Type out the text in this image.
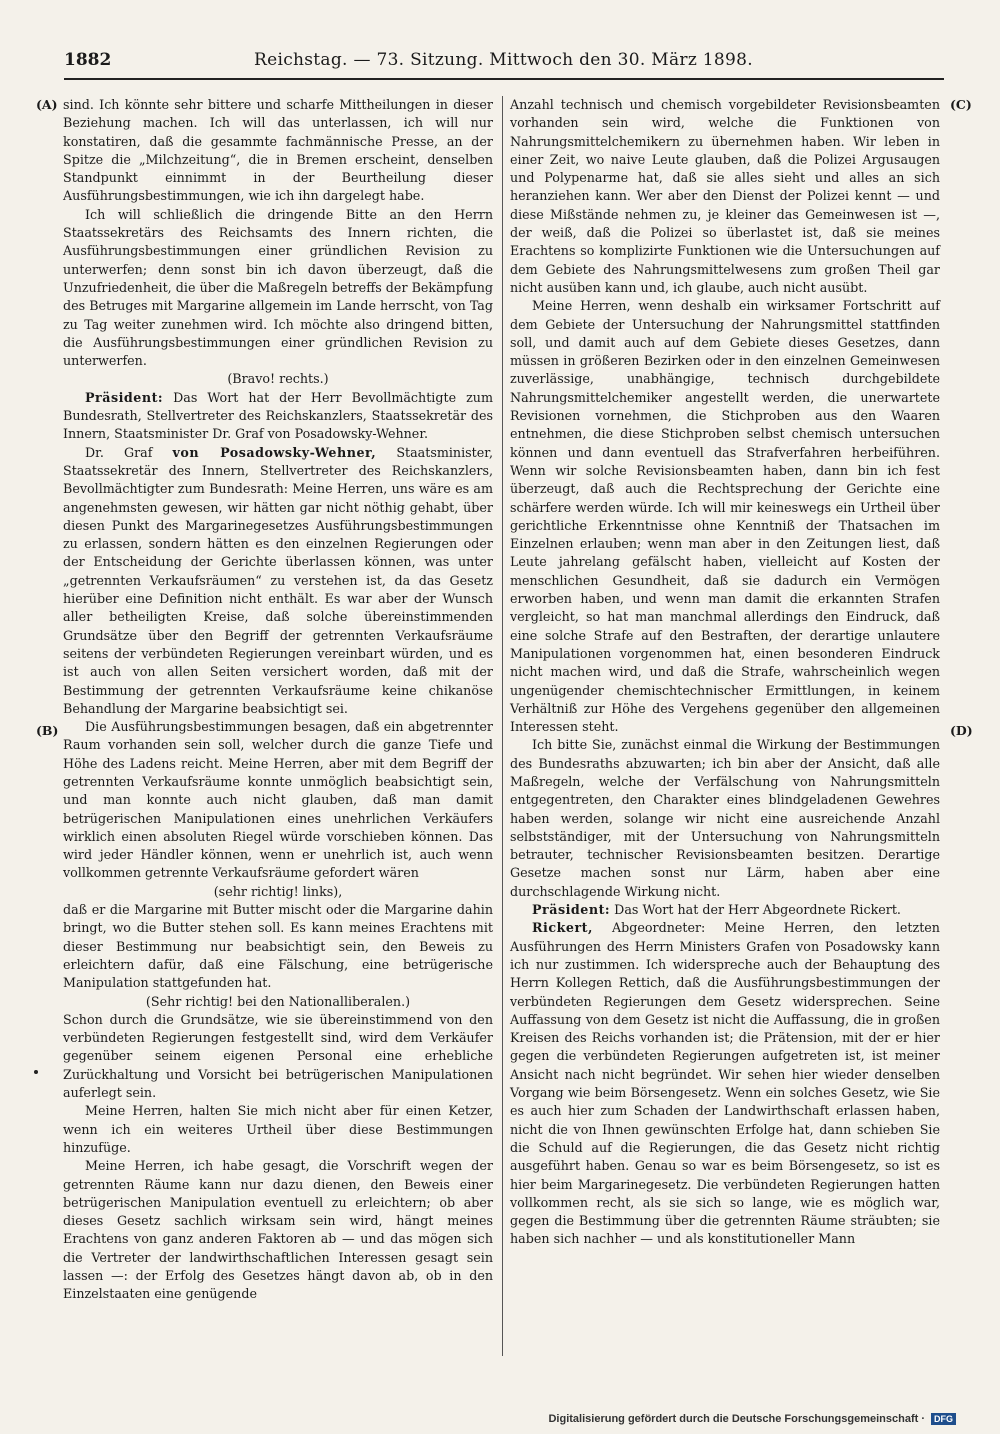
1882	Reichstag. — 73. Sitzung. Mittwoch den 30. März 1898.
(A)
(B)
(C)
(D)

sind. Ich könnte sehr bittere und scharfe Mittheilungen in dieser Beziehung machen. Ich will das unterlassen, ich will nur konstatiren, daß die gesammte fachmännische Presse, an der Spitze die „Milchzeitung“, die in Bremen erscheint, denselben Standpunkt einnimmt in der Beurtheilung dieser Ausführungsbestimmungen, wie ich ihn dargelegt habe.

Ich will schließlich die dringende Bitte an den Herrn Staatssekretärs des Reichsamts des Innern richten, die Ausführungsbestimmungen einer gründlichen Revision zu unterwerfen; denn sonst bin ich davon überzeugt, daß die Unzufriedenheit, die über die Maßregeln betreffs der Bekämpfung des Betruges mit Margarine allgemein im Lande herrscht, von Tag zu Tag weiter zunehmen wird. Ich möchte also dringend bitten, die Ausführungsbestimmungen einer gründlichen Revision zu unterwerfen.

(Bravo! rechts.)

Präsident: Das Wort hat der Herr Bevollmächtigte zum Bundesrath, Stellvertreter des Reichskanzlers, Staatssekretär des Innern, Staatsminister Dr. Graf von Posadowsky-Wehner.

Dr. Graf von Posadowsky-Wehner, Staatsminister, Staatssekretär des Innern, Stellvertreter des Reichskanzlers, Bevollmächtigter zum Bundesrath: Meine Herren, uns wäre es am angenehmsten gewesen, wir hätten gar nicht nöthig gehabt, über diesen Punkt des Margarinegesetzes Ausführungsbestimmungen zu erlassen, sondern hätten es den einzelnen Regierungen oder der Entscheidung der Gerichte überlassen können, was unter „getrennten Verkaufsräumen“ zu verstehen ist, da das Gesetz hierüber eine Definition nicht enthält. Es war aber der Wunsch aller betheiligten Kreise, daß solche übereinstimmenden Grundsätze über den Begriff der getrennten Verkaufsräume seitens der verbündeten Regierungen vereinbart würden, und es ist auch von allen Seiten versichert worden, daß mit der Bestimmung der getrennten Verkaufsräume keine chikanöse Behandlung der Margarine beabsichtigt sei.

Die Ausführungsbestimmungen besagen, daß ein abgetrennter Raum vorhanden sein soll, welcher durch die ganze Tiefe und Höhe des Ladens reicht. Meine Herren, aber mit dem Begriff der getrennten Verkaufsräume konnte unmöglich beabsichtigt sein, und man konnte auch nicht glauben, daß man damit betrügerischen Manipulationen eines unehrlichen Verkäufers wirklich einen absoluten Riegel würde vorschieben können. Das wird jeder Händler können, wenn er unehrlich ist, auch wenn vollkommen getrennte Verkaufsräume gefordert wären

(sehr richtig! links),

daß er die Margarine mit Butter mischt oder die Margarine dahin bringt, wo die Butter stehen soll. Es kann meines Erachtens mit dieser Bestimmung nur beabsichtigt sein, den Beweis zu erleichtern dafür, daß eine Fälschung, eine betrügerische Manipulation stattgefunden hat.

(Sehr richtig! bei den Nationalliberalen.)

Schon durch die Grundsätze, wie sie übereinstimmend von den verbündeten Regierungen festgestellt sind, wird dem Verkäufer gegenüber seinem eigenen Personal eine erhebliche Zurückhaltung und Vorsicht bei betrügerischen Manipulationen auferlegt sein.

Meine Herren, halten Sie mich nicht aber für einen Ketzer, wenn ich ein weiteres Urtheil über diese Bestimmungen hinzufüge.

Meine Herren, ich habe gesagt, die Vorschrift wegen der getrennten Räume kann nur dazu dienen, den Beweis einer betrügerischen Manipulation eventuell zu erleichtern; ob aber dieses Gesetz sachlich wirksam sein wird, hängt meines Erachtens von ganz anderen Faktoren ab — und das mögen sich die Vertreter der landwirthschaftlichen Interessen gesagt sein lassen —: der Erfolg des Gesetzes hängt davon ab, ob in den Einzelstaaten eine genügende

Anzahl technisch und chemisch vorgebildeter Revisionsbeamten vorhanden sein wird, welche die Funktionen von Nahrungsmittelchemikern zu übernehmen haben. Wir leben in einer Zeit, wo naive Leute glauben, daß die Polizei Argusaugen und Polypenarme hat, daß sie alles sieht und alles an sich heranziehen kann. Wer aber den Dienst der Polizei kennt — und diese Mißstände nehmen zu, je kleiner das Gemeinwesen ist —, der weiß, daß die Polizei so überlastet ist, daß sie meines Erachtens so komplizirte Funktionen wie die Untersuchungen auf dem Gebiete des Nahrungsmittelwesens zum großen Theil gar nicht ausüben kann und, ich glaube, auch nicht ausübt.

Meine Herren, wenn deshalb ein wirksamer Fortschritt auf dem Gebiete der Untersuchung der Nahrungsmittel stattfinden soll, und damit auch auf dem Gebiete dieses Gesetzes, dann müssen in größeren Bezirken oder in den einzelnen Gemeinwesen zuverlässige, unabhängige, technisch durchgebildete Nahrungsmittelchemiker angestellt werden, die unerwartete Revisionen vornehmen, die Stichproben aus den Waaren entnehmen, die diese Stichproben selbst chemisch untersuchen können und dann eventuell das Strafverfahren herbeiführen. Wenn wir solche Revisionsbeamten haben, dann bin ich fest überzeugt, daß auch die Rechtsprechung der Gerichte eine schärfere werden würde. Ich will mir keineswegs ein Urtheil über gerichtliche Erkenntnisse ohne Kenntniß der Thatsachen im Einzelnen erlauben; wenn man aber in den Zeitungen liest, daß Leute jahrelang gefälscht haben, vielleicht auf Kosten der menschlichen Gesundheit, daß sie dadurch ein Vermögen erworben haben, und wenn man damit die erkannten Strafen vergleicht, so hat man manchmal allerdings den Eindruck, daß eine solche Strafe auf den Bestraften, der derartige unlautere Manipulationen vorgenommen hat, einen besonderen Eindruck nicht machen wird, und daß die Strafe, wahrscheinlich wegen ungenügender chemischtechnischer Ermittlungen, in keinem Verhältniß zur Höhe des Vergehens gegenüber den allgemeinen Interessen steht.

Ich bitte Sie, zunächst einmal die Wirkung der Bestimmungen des Bundesraths abzuwarten; ich bin aber der Ansicht, daß alle Maßregeln, welche der Verfälschung von Nahrungsmitteln entgegentreten, den Charakter eines blindgeladenen Gewehres haben werden, solange wir nicht eine ausreichende Anzahl selbstständiger, mit der Untersuchung von Nahrungsmitteln betrauter, technischer Revisionsbeamten besitzen. Derartige Gesetze machen sonst nur Lärm, haben aber eine durchschlagende Wirkung nicht.

Präsident: Das Wort hat der Herr Abgeordnete Rickert.

Rickert, Abgeordneter: Meine Herren, den letzten Ausführungen des Herrn Ministers Grafen von Posadowsky kann ich nur zustimmen. Ich widerspreche auch der Behauptung des Herrn Kollegen Rettich, daß die Ausführungsbestimmungen der verbündeten Regierungen dem Gesetz widersprechen. Seine Auffassung von dem Gesetz ist nicht die Auffassung, die in großen Kreisen des Reichs vorhanden ist; die Prätension, mit der er hier gegen die verbündeten Regierungen aufgetreten ist, ist meiner Ansicht nach nicht begründet. Wir sehen hier wieder denselben Vorgang wie beim Börsengesetz. Wenn ein solches Gesetz, wie Sie es auch hier zum Schaden der Landwirthschaft erlassen haben, nicht die von Ihnen gewünschten Erfolge hat, dann schieben Sie die Schuld auf die Regierungen, die das Gesetz nicht richtig ausgeführt haben. Genau so war es beim Börsengesetz, so ist es hier beim Margarinegesetz. Die verbündeten Regierungen hatten vollkommen recht, als sie sich so lange, wie es möglich war, gegen die Bestimmung über die getrennten Räume sträubten; sie haben sich nachher — und als konstitutioneller Mann

Digitalisierung gefördert durch die Deutsche Forschungsgemeinschaft ·	DFG
